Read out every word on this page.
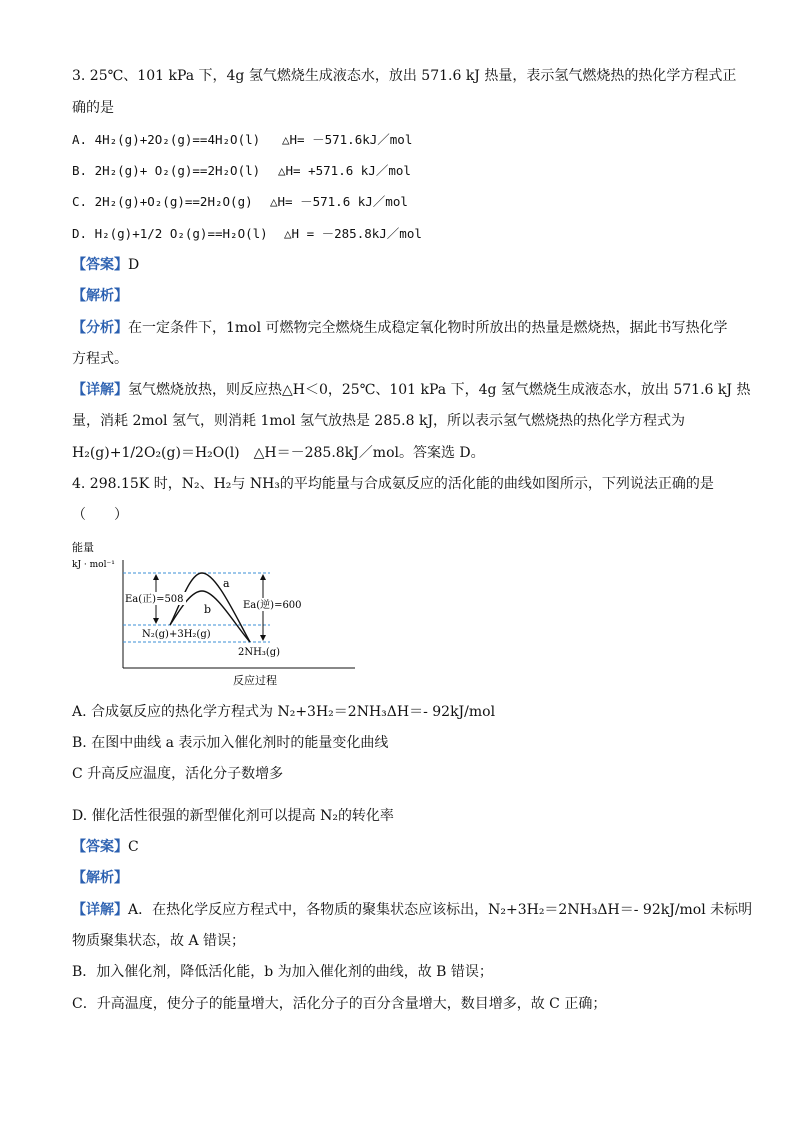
3. 25℃、101 kPa 下，4g 氢气燃烧生成液态水，放出 571.6 kJ 热量，表示氢气燃烧热的热化学方程式正
确的是
A. 4H₂(g)+2O₂(g)==4H₂O(l) △H= －571.6kJ／mol
B. 2H₂(g)+ O₂(g)==2H₂O(l) △H= +571.6 kJ／mol
C. 2H₂(g)+O₂(g)==2H₂O(g) △H= －571.6 kJ／mol
D. H₂(g)+1/2 O₂(g)==H₂O(l) △H = －285.8kJ／mol
【答案】D
【解析】
【分析】在一定条件下，1mol 可燃物完全燃烧生成稳定氧化物时所放出的热量是燃烧热，据此书写热化学
方程式。
【详解】氢气燃烧放热，则反应热△H＜0，25℃、101 kPa 下，4g 氢气燃烧生成液态水，放出 571.6 kJ 热
量，消耗 2mol 氢气，则消耗 1mol 氢气放热是 285.8 kJ，所以表示氢气燃烧热的热化学方程式为
H₂(g)+1/2O₂(g)＝H₂O(l)　△H＝－285.8kJ／mol。答案选 D。
4. 298.15K 时，N₂、H₂与 NH₃的平均能量与合成氨反应的活化能的曲线如图所示，下列说法正确的是
（　　）
能量
kJ · mol⁻¹
反应过程
a
b
Ea(正)=508
Ea(逆)=600
N₂(g)+3H₂(g)
2NH₃(g)
A. 合成氨反应的热化学方程式为 N₂+3H₂＝2NH₃ΔH＝- 92kJ/mol
B. 在图中曲线 a 表示加入催化剂时的能量变化曲线
C 升高反应温度，活化分子数增多
D. 催化活性很强的新型催化剂可以提高 N₂的转化率
【答案】C
【解析】
【详解】A．在热化学反应方程式中，各物质的聚集状态应该标出，N₂+3H₂＝2NH₃ΔH＝- 92kJ/mol 未标明
物质聚集状态，故 A 错误；
B．加入催化剂，降低活化能，b 为加入催化剂的曲线，故 B 错误；
C．升高温度，使分子的能量增大，活化分子的百分含量增大，数目增多，故 C 正确；
